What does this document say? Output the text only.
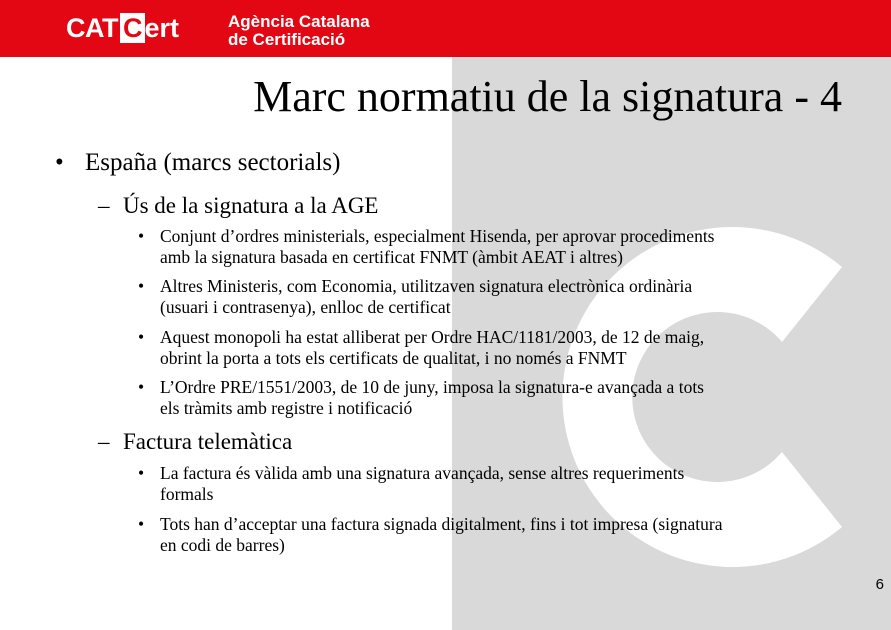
CAT C ert	Agència Catalana
de Certificació
Marc normatiu de la signatura - 4
• España (marcs sectorials)
– Ús de la signatura a la AGE
• Conjunt d’ordres ministerials, especialment Hisenda, per aprovar procediments
amb la signatura basada en certificat FNMT (àmbit AEAT i altres)
• Altres Ministeris, com Economia, utilitzaven signatura electrònica ordinària
(usuari i contrasenya), enlloc de certificat
• Aquest monopoli ha estat alliberat per Ordre HAC/1181/2003, de 12 de maig,
obrint la porta a tots els certificats de qualitat, i no només a FNMT
• L’Ordre PRE/1551/2003, de 10 de juny, imposa la signatura-e avançada a tots
els tràmits amb registre i notificació
– Factura telemàtica
• La factura és vàlida amb una signatura avançada, sense altres requeriments
formals
• Tots han d’acceptar una factura signada digitalment, fins i tot impresa (signatura
en codi de barres)
6
